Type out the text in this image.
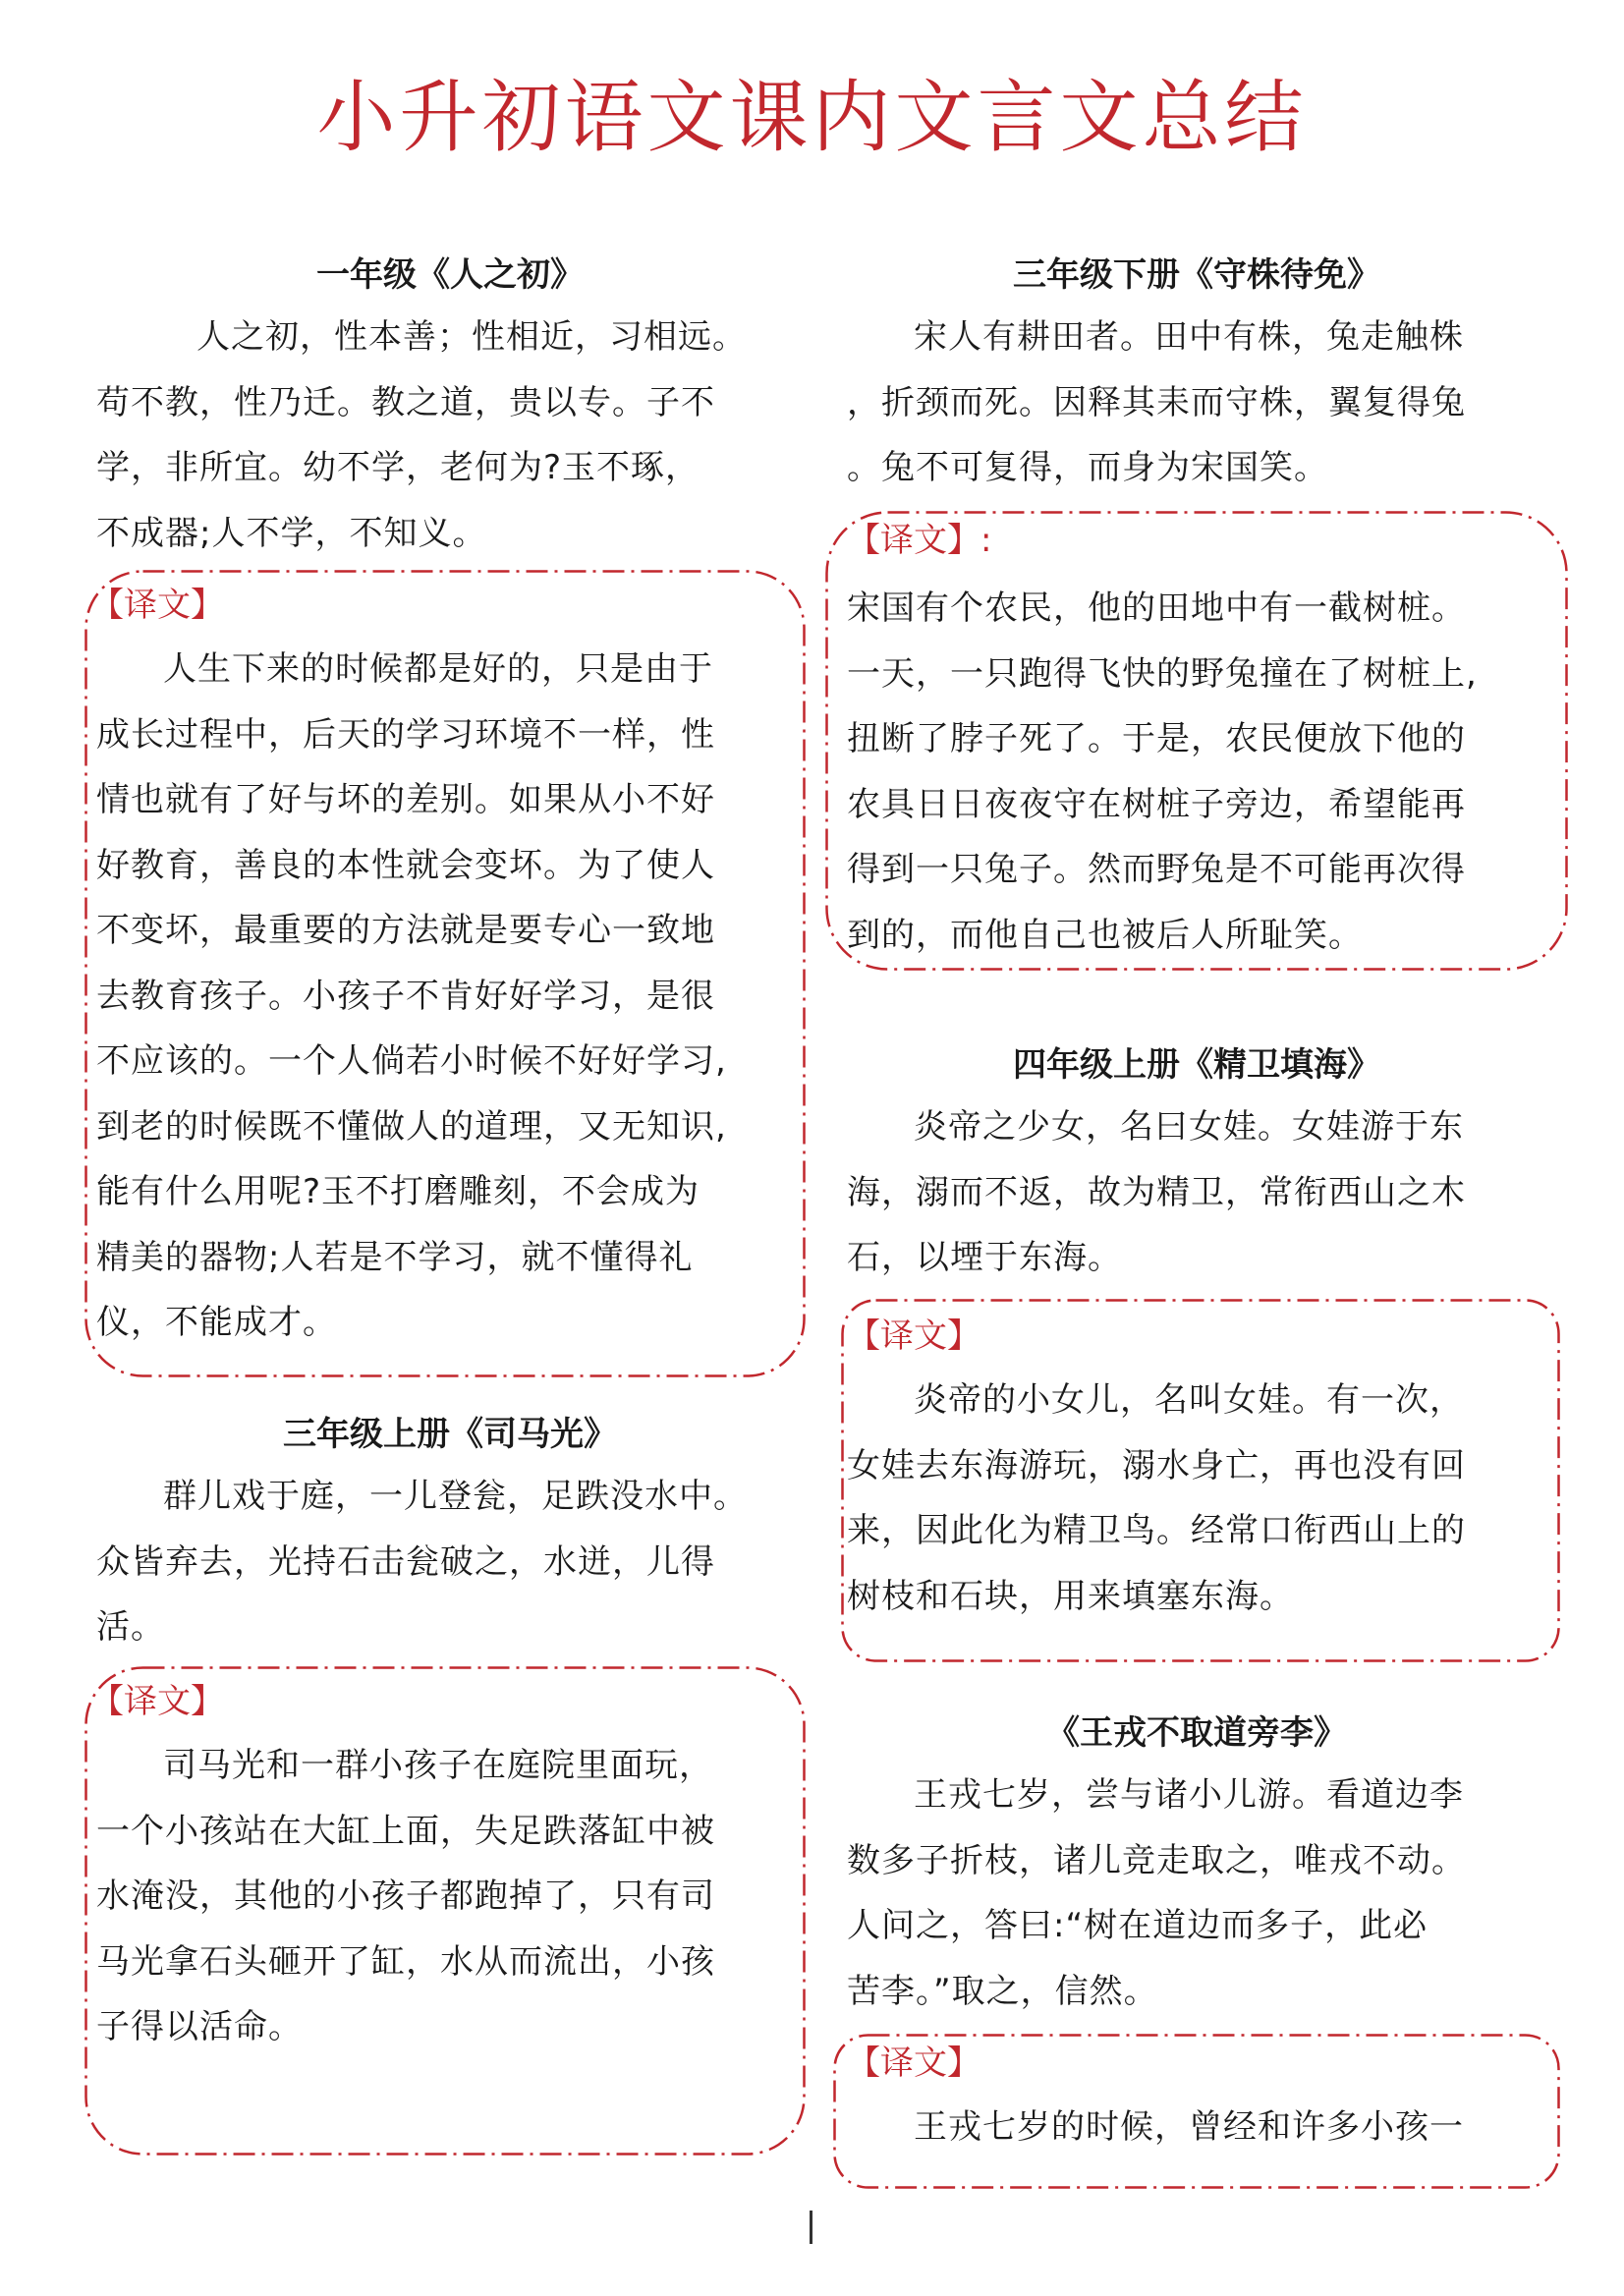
小升初语文课内文言文总结
一年级《人之初》

人之初，性本善；性相近，习相远。

苟不教，性乃迁。教之道，贵以专。子不

学，非所宜。幼不学，老何为?玉不琢，

不成器;人不学，不知义。

【译文】

人生下来的时候都是好的，只是由于

成长过程中，后天的学习环境不一样，性

情也就有了好与坏的差别。如果从小不好

好教育，善良的本性就会变坏。为了使人

不变坏，最重要的方法就是要专心一致地

去教育孩子。小孩子不肯好好学习，是很

不应该的。一个人倘若小时候不好好学习,

到老的时候既不懂做人的道理，又无知识,

能有什么用呢?玉不打磨雕刻，不会成为

精美的器物;人若是不学习，就不懂得礼

仪，不能成才。

三年级上册《司马光》

群儿戏于庭，一儿登瓮，足跌没水中。

众皆弃去，光持石击瓮破之，水迸，儿得

活。

【译文】

司马光和一群小孩子在庭院里面玩，

一个小孩站在大缸上面，失足跌落缸中被

水淹没，其他的小孩子都跑掉了，只有司

马光拿石头砸开了缸，水从而流出，小孩

子得以活命。

三年级下册《守株待免》

宋人有耕田者。田中有株，兔走触株

，折颈而死。因释其耒而守株，翼复得兔

。兔不可复得，而身为宋国笑。

【译文】:

宋国有个农民，他的田地中有一截树桩。

一天，一只跑得飞快的野兔撞在了树桩上,

扭断了脖子死了。于是，农民便放下他的

农具日日夜夜守在树桩子旁边，希望能再

得到一只兔子。然而野兔是不可能再次得

到的，而他自己也被后人所耻笑。

四年级上册《精卫填海》

炎帝之少女，名曰女娃。女娃游于东

海，溺而不返，故为精卫，常衔西山之木

石，以堙于东海。

【译文】

炎帝的小女儿，名叫女娃。有一次，

女娃去东海游玩，溺水身亡，再也没有回

来，因此化为精卫鸟。经常口衔西山上的

树枝和石块，用来填塞东海。

《王戎不取道旁李》

王戎七岁，尝与诸小儿游。看道边李

数多子折枝，诸儿竞走取之，唯戎不动。

人问之，答曰:“树在道边而多子，此必

苦李。”取之，信然。

【译文】

王戎七岁的时候，曾经和许多小孩一
